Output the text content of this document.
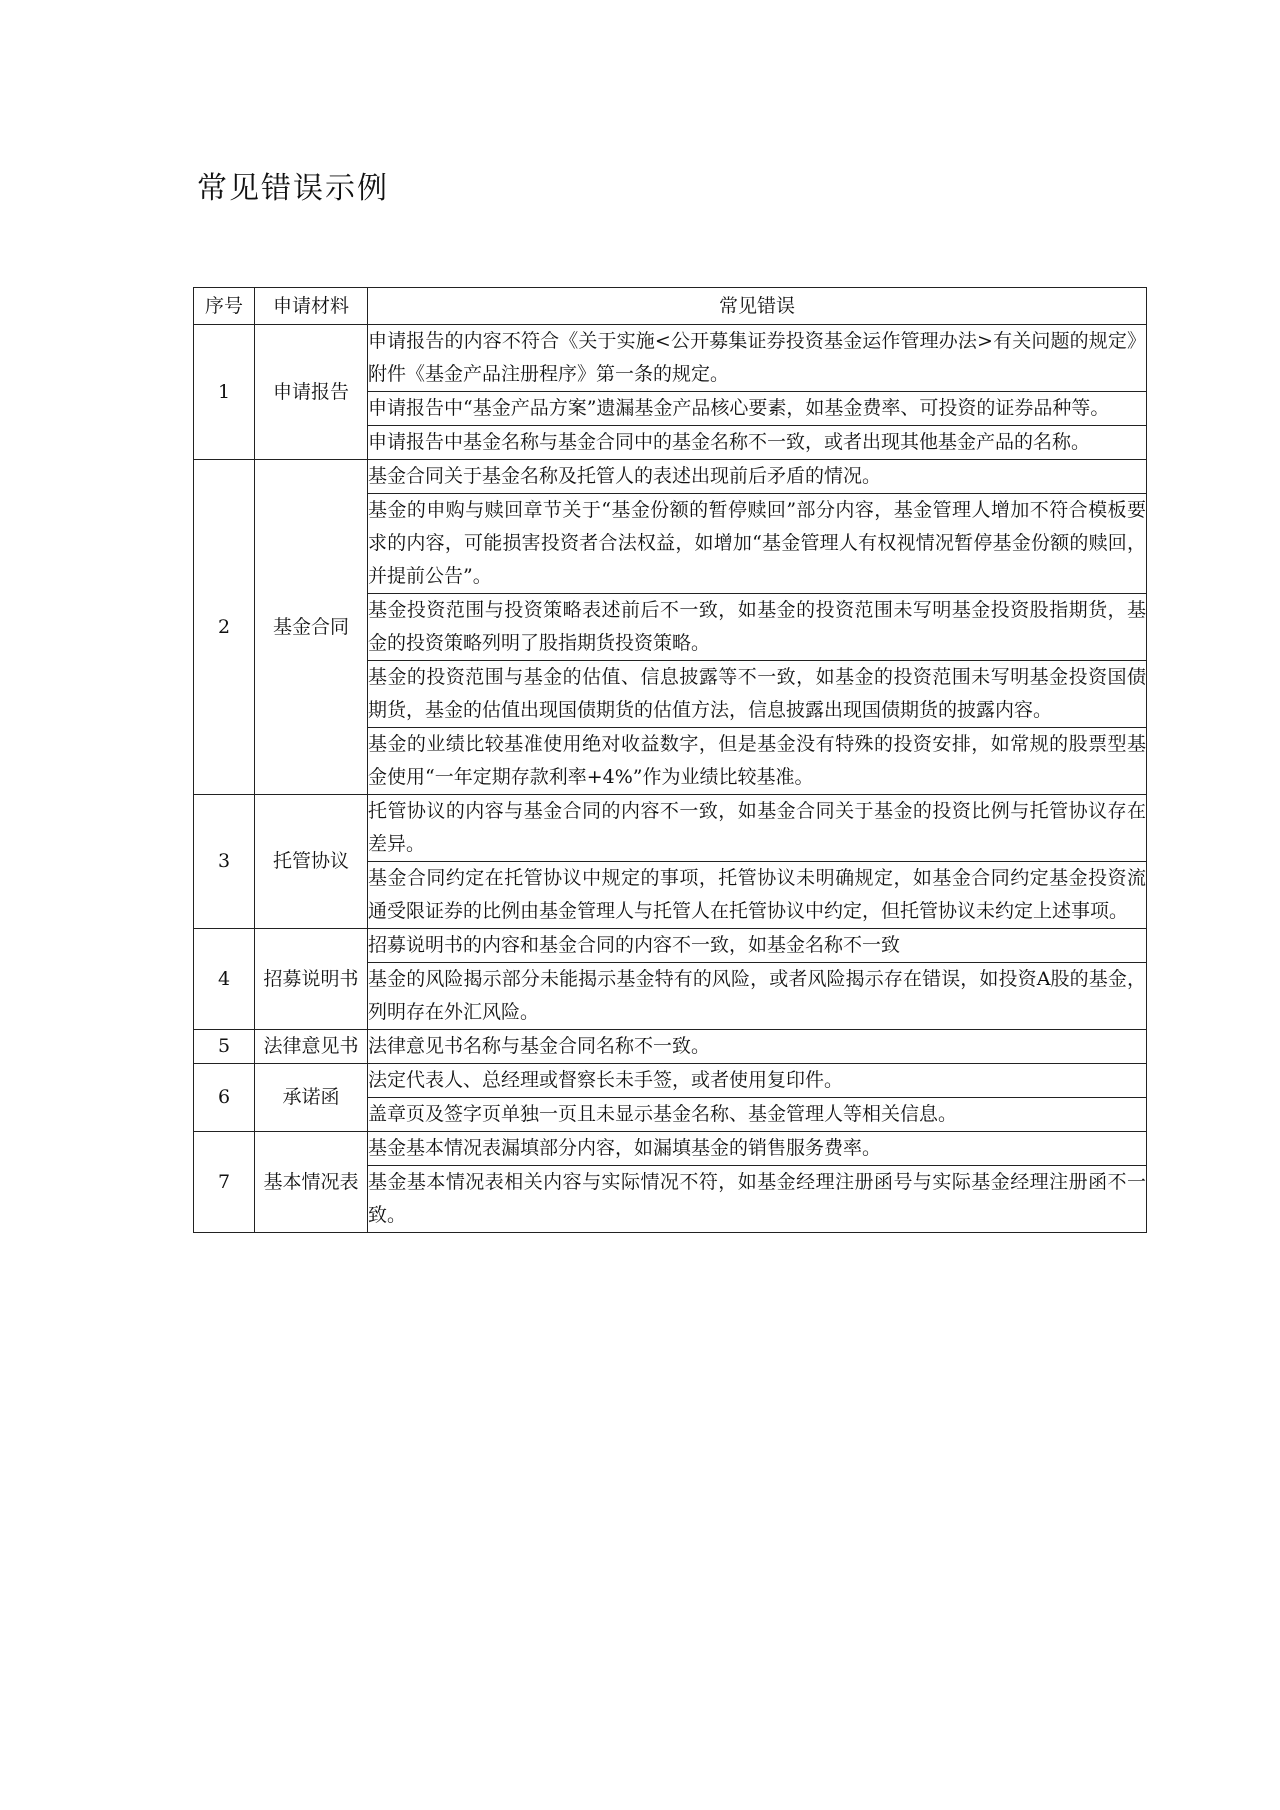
常见错误示例
序号	申请材料	常见错误
1	申请报告	申请报告的内容不符合《关于实施<公开募集证券投资基金运作管理办法>有关问题的规定》附件《基金产品注册程序》第一条的规定。
		申请报告中“基金产品方案”遗漏基金产品核心要素，如基金费率、可投资的证券品种等。
		申请报告中基金名称与基金合同中的基金名称不一致，或者出现其他基金产品的名称。
2	基金合同	基金合同关于基金名称及托管人的表述出现前后矛盾的情况。
		基金的申购与赎回章节关于“基金份额的暂停赎回”部分内容，基金管理人增加不符合模板要求的内容，可能损害投资者合法权益，如增加“基金管理人有权视情况暂停基金份额的赎回，并提前公告”。
		基金投资范围与投资策略表述前后不一致，如基金的投资范围未写明基金投资股指期货，基金的投资策略列明了股指期货投资策略。
		基金的投资范围与基金的估值、信息披露等不一致，如基金的投资范围未写明基金投资国债期货，基金的估值出现国债期货的估值方法，信息披露出现国债期货的披露内容。
		基金的业绩比较基准使用绝对收益数字，但是基金没有特殊的投资安排，如常规的股票型基金使用“一年定期存款利率+4%”作为业绩比较基准。
3	托管协议	托管协议的内容与基金合同的内容不一致，如基金合同关于基金的投资比例与托管协议存在差异。
		基金合同约定在托管协议中规定的事项，托管协议未明确规定，如基金合同约定基金投资流通受限证券的比例由基金管理人与托管人在托管协议中约定，但托管协议未约定上述事项。
4	招募说明书	招募说明书的内容和基金合同的内容不一致，如基金名称不一致
		基金的风险揭示部分未能揭示基金特有的风险，或者风险揭示存在错误，如投资A股的基金，列明存在外汇风险。
5	法律意见书	法律意见书名称与基金合同名称不一致。
6	承诺函	法定代表人、总经理或督察长未手签，或者使用复印件。
		盖章页及签字页单独一页且未显示基金名称、基金管理人等相关信息。
7	基本情况表	基金基本情况表漏填部分内容，如漏填基金的销售服务费率。
		基金基本情况表相关内容与实际情况不符，如基金经理注册函号与实际基金经理注册函不一致。
